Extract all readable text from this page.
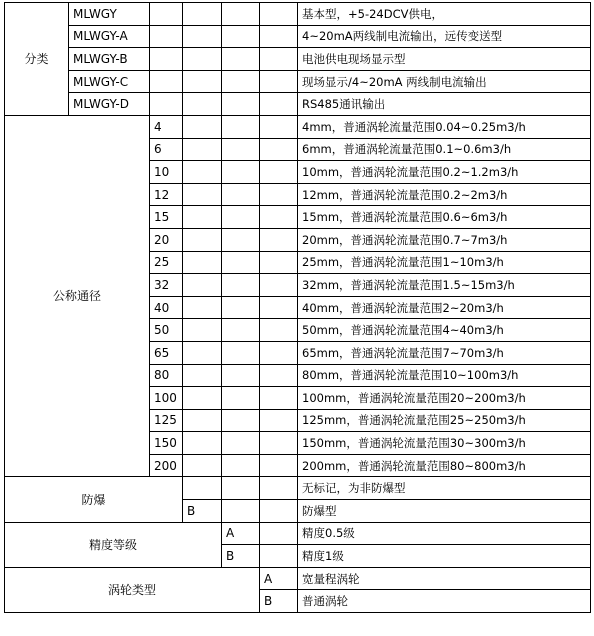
分类	MLWGY					基本型，+5-24DCV供电，
	MLWGY-A					4~20mA两线制电流输出，远传变送型
	MLWGY-B					电池供电现场显示型
	MLWGY-C					现场显示/4~20mA 两线制电流输出
	MLWGY-D					RS485通讯输出
公称通径		4				4mm，普通涡轮流量范围0.04~0.25m3/h
		6				6mm，普通涡轮流量范围0.1~0.6m3/h
		10				10mm，普通涡轮流量范围0.2~1.2m3/h
		12				12mm，普通涡轮流量范围0.2~2m3/h
		15				15mm，普通涡轮流量范围0.6~6m3/h
		20				20mm，普通涡轮流量范围0.7~7m3/h
		25				25mm，普通涡轮流量范围1~10m3/h
		32				32mm，普通涡轮流量范围1.5~15m3/h
		40				40mm，普通涡轮流量范围2~20m3/h
		50				50mm，普通涡轮流量范围4~40m3/h
		65				65mm，普通涡轮流量范围7~70m3/h
		80				80mm，普通涡轮流量范围10~100m3/h
		100				100mm，普通涡轮流量范围20~200m3/h
		125				125mm，普通涡轮流量范围25~250m3/h
		150				150mm，普通涡轮流量范围30~300m3/h
		200				200mm，普通涡轮流量范围80~800m3/h
防爆						无标记，为非防爆型
			B			防爆型
精度等级				A		精度0.5级
				B		精度1级
涡轮类型					A	宽量程涡轮
					B	普通涡轮
